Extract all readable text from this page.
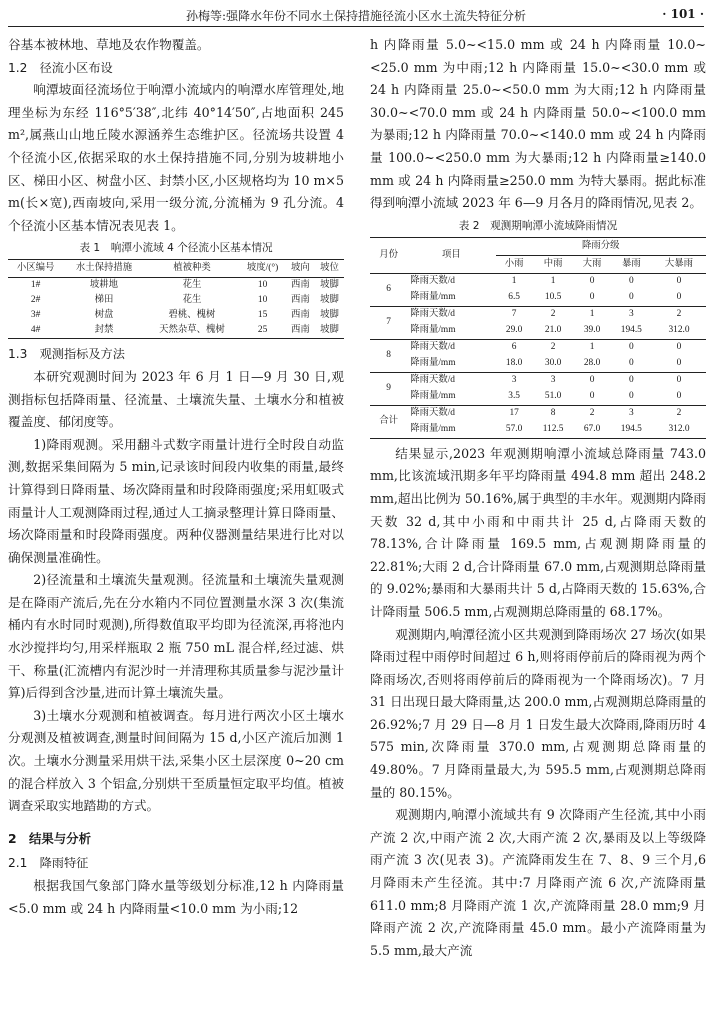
孙梅等:强降水年份不同水土保持措施径流小区水土流失特征分析	· 101 ·

谷基本被林地、草地及农作物覆盖。

1.2　径流小区布设

响潭坡面径流场位于响潭小流域内的响潭水库管理处,地理坐标为东经 116°5′38″,北纬 40°14′50″,占地面积 245 m²,属燕山山地丘陵水源涵养生态维护区。径流场共设置 4 个径流小区,依据采取的水土保持措施不同,分别为坡耕地小区、梯田小区、树盘小区、封禁小区,小区规格均为 10 m×5 m(长×宽),西南坡向,采用一级分流,分流桶为 9 孔分流。4 个径流小区基本情况表见表 1。

表 1　响潭小流域 4 个径流小区基本情况
小区编号	水土保持措施	植被种类	坡度/(°)	坡向	坡位
1#	坡耕地	花生	10	西南	坡脚
2#	梯田	花生	10	西南	坡脚
3#	树盘	碧桃、槐树	15	西南	坡脚
4#	封禁	天然杂草、槐树	25	西南	坡脚
1.3　观测指标及方法

本研究观测时间为 2023 年 6 月 1 日—9 月 30 日,观测指标包括降雨量、径流量、土壤流失量、土壤水分和植被覆盖度、郁闭度等。

1)降雨观测。采用翻斗式数字雨量计进行全时段自动监测,数据采集间隔为 5 min,记录该时间段内收集的雨量,最终计算得到日降雨量、场次降雨量和时段降雨强度;采用虹吸式雨量计人工观测降雨过程,通过人工摘录整理计算日降雨量、场次降雨量和时段降雨强度。两种仪器测量结果进行比对以确保测量准确性。

2)径流量和土壤流失量观测。径流量和土壤流失量观测是在降雨产流后,先在分水箱内不同位置测量水深 3 次(集流桶内有水时同时观测),所得数值取平均即为径流深,再将池内水沙搅拌均匀,用采样瓶取 2 瓶 750 mL 混合样,经过滤、烘干、称量(汇流槽内有泥沙时一并清理称其质量参与泥沙量计算)后得到含沙量,进而计算土壤流失量。

3)土壤水分观测和植被调查。每月进行两次小区土壤水分观测及植被调查,测量时间间隔为 15 d,小区产流后加测 1 次。土壤水分测量采用烘干法,采集小区土层深度 0~20 cm 的混合样放入 3 个铝盒,分别烘干至质量恒定取平均值。植被调查采取实地踏勘的方式。

2　结果与分析
2.1　降雨特征

根据我国气象部门降水量等级划分标准,12 h 内降雨量<5.0 mm 或 24 h 内降雨量<10.0 mm 为小雨;12

h 内降雨量 5.0~<15.0 mm 或 24 h 内降雨量 10.0~<25.0 mm 为中雨;12 h 内降雨量 15.0~<30.0 mm 或 24 h 内降雨量 25.0~<50.0 mm 为大雨;12 h 内降雨量 30.0~<70.0 mm 或 24 h 内降雨量 50.0~<100.0 mm 为暴雨;12 h 内降雨量 70.0~<140.0 mm 或 24 h 内降雨量 100.0~<250.0 mm 为大暴雨;12 h 内降雨量≥140.0 mm 或 24 h 内降雨量≥250.0 mm 为特大暴雨。据此标准得到响潭小流域 2023 年 6—9 月各月的降雨情况,见表 2。

表 2　观测期响潭小流域降雨情况
月份	项目	降雨分级				
		小雨	中雨	大雨	暴雨	大暴雨
6	降雨天数/d	1	1	0	0	0
	降雨量/mm	6.5	10.5	0	0	0
7	降雨天数/d	7	2	1	3	2
	降雨量/mm	29.0	21.0	39.0	194.5	312.0
8	降雨天数/d	6	2	1	0	0
	降雨量/mm	18.0	30.0	28.0	0	0
9	降雨天数/d	3	3	0	0	0
	降雨量/mm	3.5	51.0	0	0	0
合计	降雨天数/d	17	8	2	3	2
	降雨量/mm	57.0	112.5	67.0	194.5	312.0

结果显示,2023 年观测期响潭小流域总降雨量 743.0 mm,比该流域汛期多年平均降雨量 494.8 mm 超出 248.2 mm,超出比例为 50.16%,属于典型的丰水年。观测期内降雨天数 32 d,其中小雨和中雨共计 25 d,占降雨天数的 78.13%,合计降雨量 169.5 mm,占观测期降雨量的 22.81%;大雨 2 d,合计降雨量 67.0 mm,占观测期总降雨量的 9.02%;暴雨和大暴雨共计 5 d,占降雨天数的 15.63%,合计降雨量 506.5 mm,占观测期总降雨量的 68.17%。

观测期内,响潭径流小区共观测到降雨场次 27 场次(如果降雨过程中雨停时间超过 6 h,则将雨停前后的降雨视为两个降雨场次,否则将雨停前后的降雨视为一个降雨场次)。7 月 31 日出现日最大降雨量,达 200.0 mm,占观测期总降雨量的 26.92%;7 月 29 日—8 月 1 日发生最大次降雨,降雨历时 4 575 min,次降雨量 370.0 mm,占观测期总降雨量的 49.80%。7 月降雨量最大,为 595.5 mm,占观测期总降雨量的 80.15%。

观测期内,响潭小流域共有 9 次降雨产生径流,其中小雨产流 2 次,中雨产流 2 次,大雨产流 2 次,暴雨及以上等级降雨产流 3 次(见表 3)。产流降雨发生在 7、8、9 三个月,6 月降雨未产生径流。其中:7 月降雨产流 6 次,产流降雨量 611.0 mm;8 月降雨产流 1 次,产流降雨量 28.0 mm;9 月降雨产流 2 次,产流降雨量 45.0 mm。最小产流降雨量为 5.5 mm,最大产流
